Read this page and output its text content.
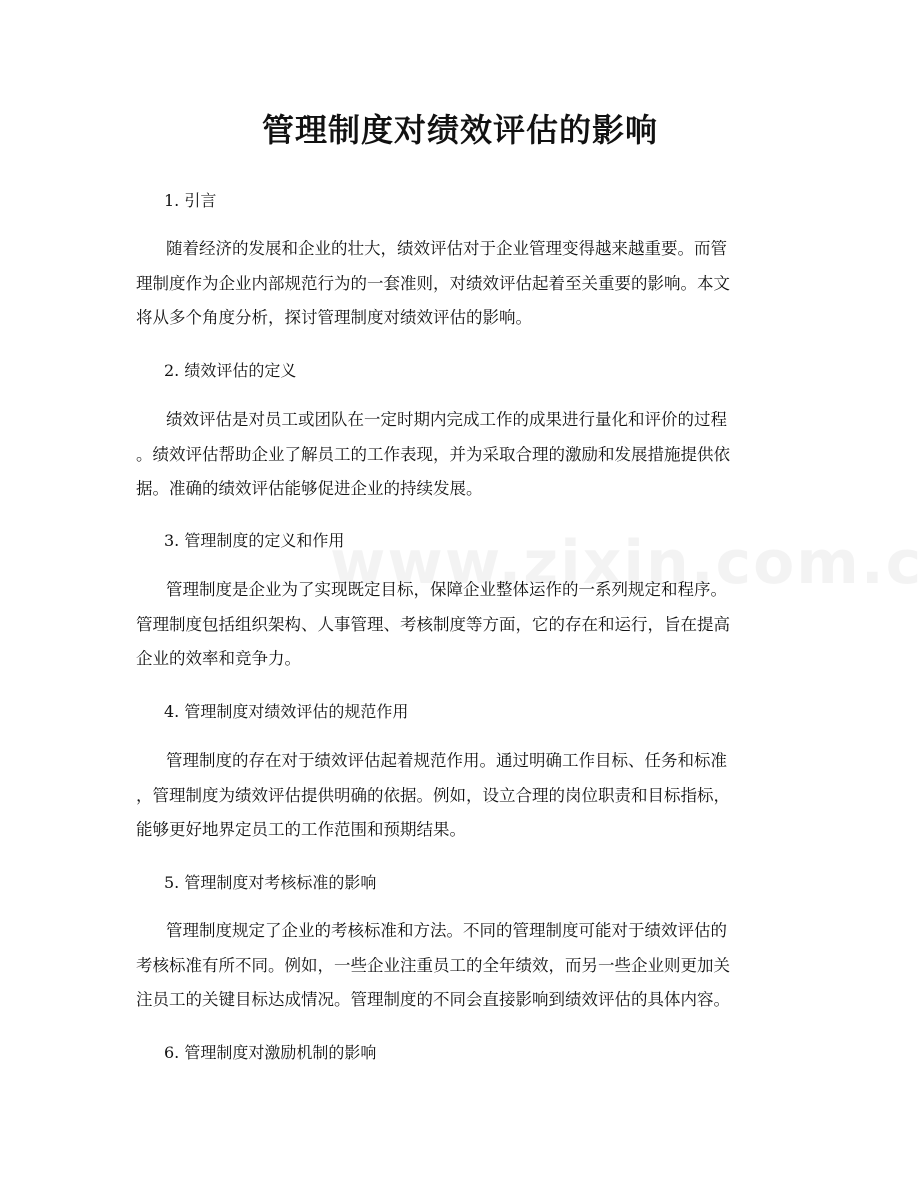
管理制度对绩效评估的影响

1. 引言

随着经济的发展和企业的壮大，绩效评估对于企业管理变得越来越重要。而管
理制度作为企业内部规范行为的一套准则，对绩效评估起着至关重要的影响。本文
将从多个角度分析，探讨管理制度对绩效评估的影响。

2. 绩效评估的定义

绩效评估是对员工或团队在一定时期内完成工作的成果进行量化和评价的过程
。绩效评估帮助企业了解员工的工作表现，并为采取合理的激励和发展措施提供依
据。准确的绩效评估能够促进企业的持续发展。

3. 管理制度的定义和作用

管理制度是企业为了实现既定目标，保障企业整体运作的一系列规定和程序。
管理制度包括组织架构、人事管理、考核制度等方面，它的存在和运行，旨在提高
企业的效率和竞争力。

4. 管理制度对绩效评估的规范作用

管理制度的存在对于绩效评估起着规范作用。通过明确工作目标、任务和标准
，管理制度为绩效评估提供明确的依据。例如，设立合理的岗位职责和目标指标，
能够更好地界定员工的工作范围和预期结果。

5. 管理制度对考核标准的影响

管理制度规定了企业的考核标准和方法。不同的管理制度可能对于绩效评估的
考核标准有所不同。例如，一些企业注重员工的全年绩效，而另一些企业则更加关
注员工的关键目标达成情况。管理制度的不同会直接影响到绩效评估的具体内容。

6. 管理制度对激励机制的影响
